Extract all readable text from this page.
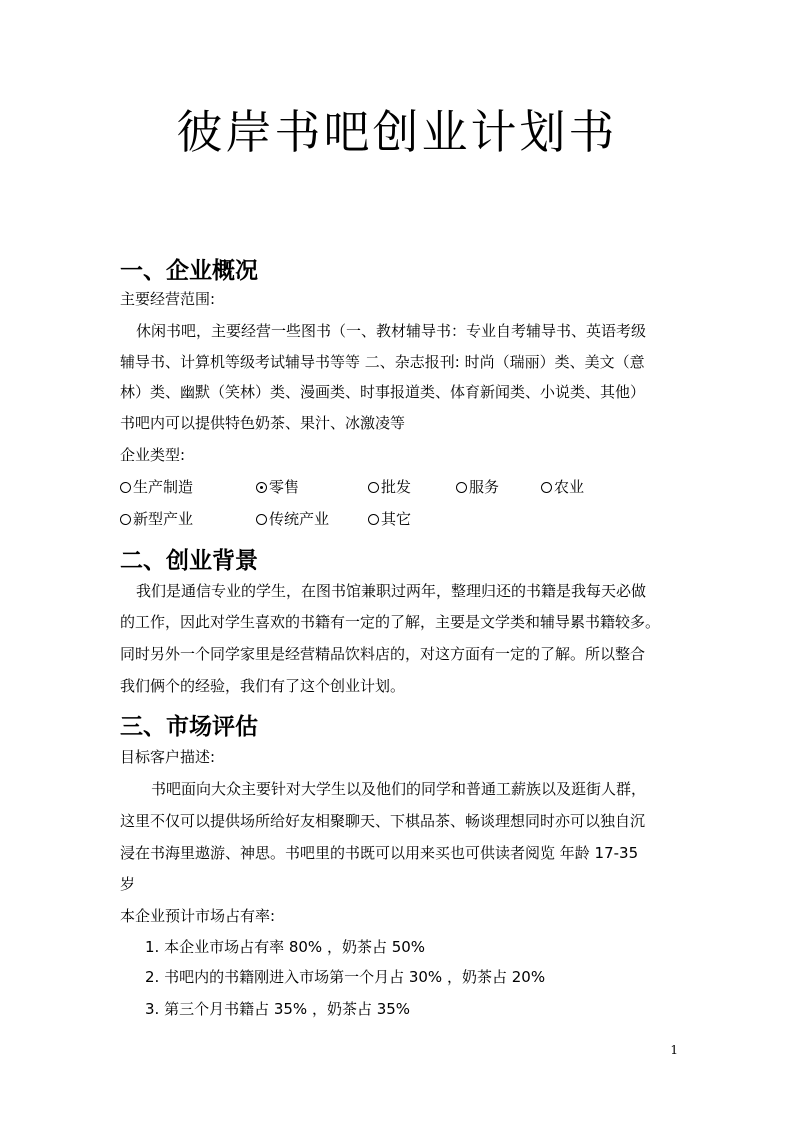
彼岸书吧创业计划书
一、企业概况
主要经营范围:
休闲书吧，主要经营一些图书（一、教材辅导书：专业自考辅导书、英语考级
辅导书、计算机等级考试辅导书等等 二、杂志报刊: 时尚（瑞丽）类、美文（意
林）类、幽默（笑林）类、漫画类、时事报道类、体育新闻类、小说类、其他）
书吧内可以提供特色奶茶、果汁、冰激凌等
企业类型:
生产制造	零售	批发	服务	农业
新型产业	传统产业	其它
二、创业背景
我们是通信专业的学生，在图书馆兼职过两年，整理归还的书籍是我每天必做
的工作，因此对学生喜欢的书籍有一定的了解，主要是文学类和辅导累书籍较多。
同时另外一个同学家里是经营精品饮料店的，对这方面有一定的了解。所以整合
我们俩个的经验，我们有了这个创业计划。
三、市场评估
目标客户描述:
书吧面向大众主要针对大学生以及他们的同学和普通工薪族以及逛街人群，
这里不仅可以提供场所给好友相聚聊天、下棋品茶、畅谈理想同时亦可以独自沉
浸在书海里遨游、神思。书吧里的书既可以用来买也可供读者阅览 年龄 17-35
岁
本企业预计市场占有率:
1. 本企业市场占有率 80% ，奶茶占 50%
2. 书吧内的书籍刚进入市场第一个月占 30% ，奶茶占 20%
3. 第三个月书籍占 35% ，奶茶占 35%
1
